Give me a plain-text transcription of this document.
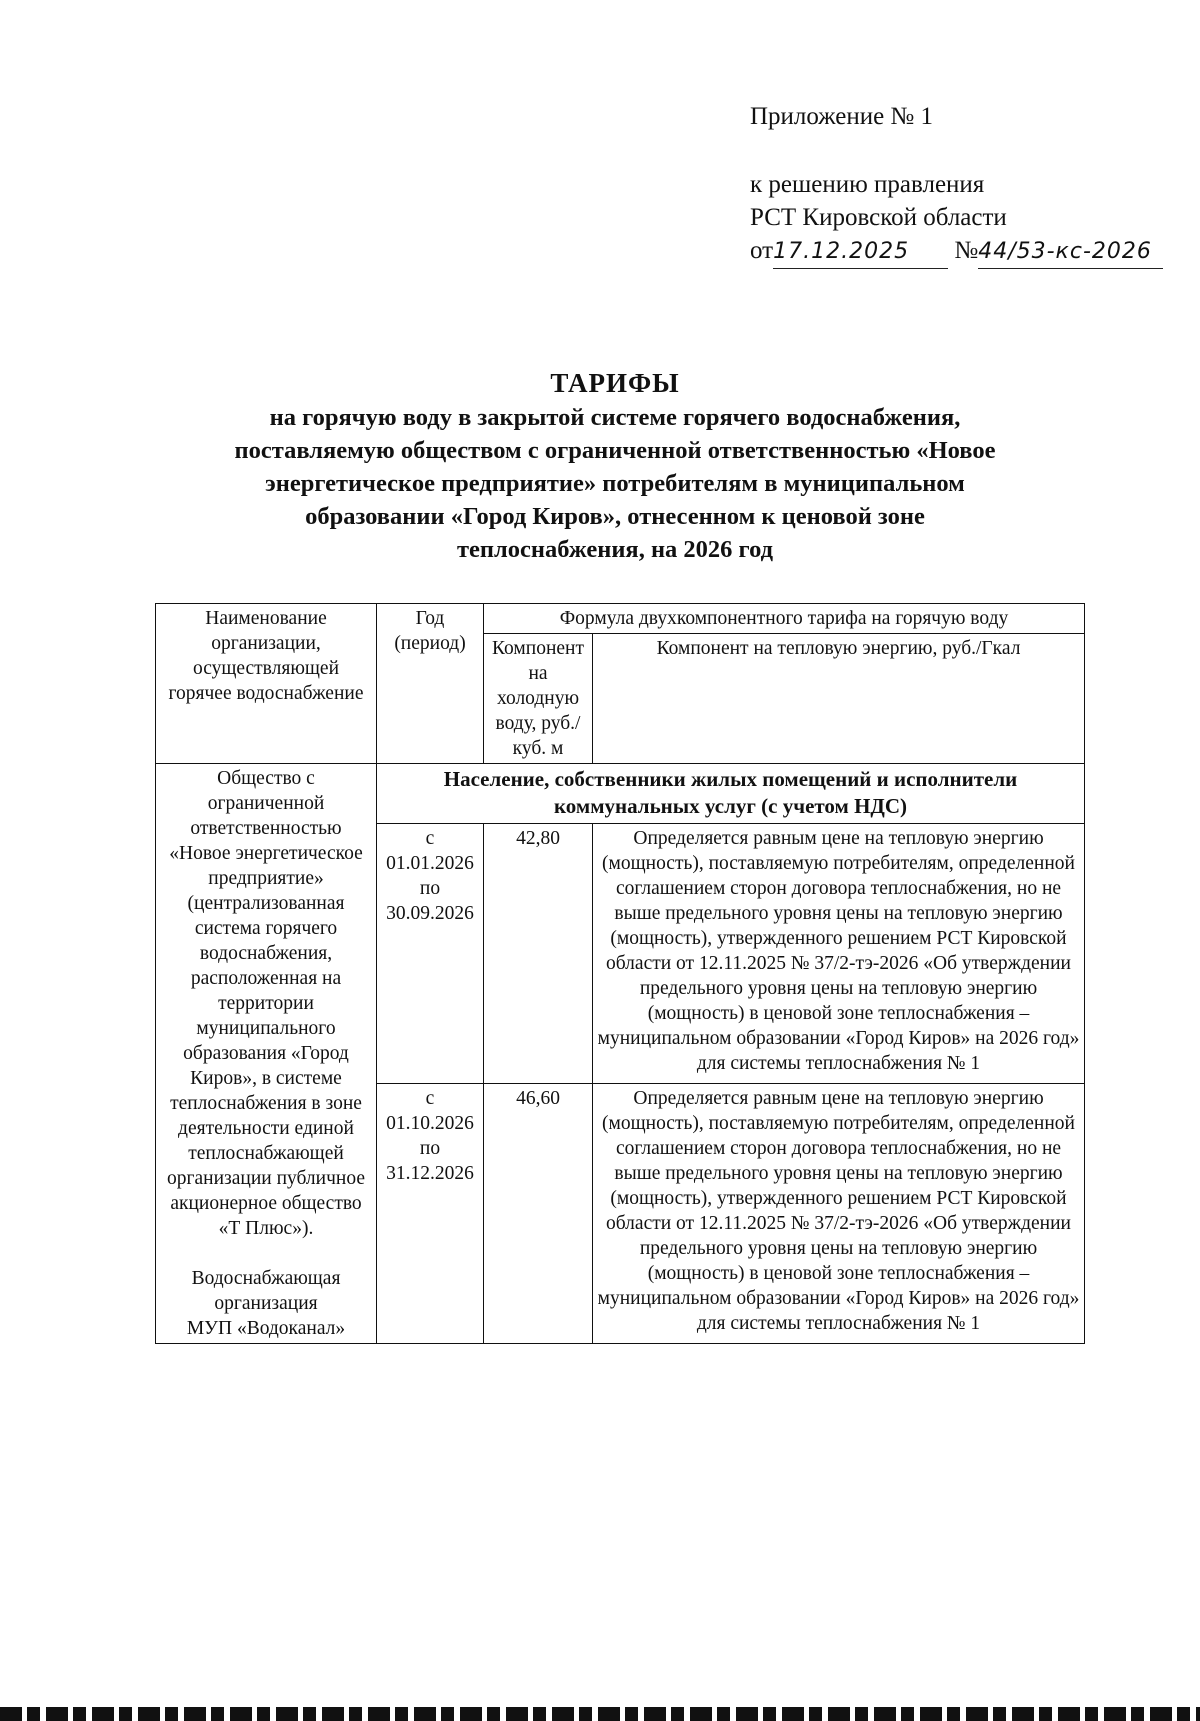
Приложение № 1
к решению правления
РСТ Кировской области
от17.12.2025 №44/53-кс-2026
ТАРИФЫ
на горячую воду в закрытой системе горячего водоснабжения,
поставляемую обществом с ограниченной ответственностью «Новое
энергетическое предприятие» потребителям в муниципальном
образовании «Город Киров», отнесенном к ценовой зоне
теплоснабжения, на 2026 год
Наименование организации, осуществляющей горячее водоснабжение	Год (период)	Формула двухкомпонентного тарифа на горячую воду	
		Компонент на холодную воду, руб./куб. м	Компонент на тепловую энергию, руб./Гкал

Общество с ограниченной ответственностью «Новое энергетическое предприятие» (централизованная система горячего водоснабжения, расположенная на территории муниципального образования «Город Киров», в системе теплоснабжения в зоне деятельности единой теплоснабжающей организации публичное акционерное общество «Т Плюс»).
Водоснабжающая организация
МУП «Водоканал»	Население, собственники жилых помещений и исполнители коммунальных услуг (с учетом НДС)		
	с 01.01.2026 по 30.09.2026	42,80	Определяется равным цене на тепловую энергию (мощность), поставляемую потребителям, определенной соглашением сторон договора теплоснабжения, но не выше предельного уровня цены на тепловую энергию (мощность), утвержденного решением РСТ Кировской области от 12.11.2025 № 37/2-тэ-2026 «Об утверждении предельного уровня цены на тепловую энергию (мощность) в ценовой зоне теплоснабжения – муниципальном образовании «Город Киров» на 2026 год» для системы теплоснабжения № 1
	с 01.10.2026 по 31.12.2026	46,60	Определяется равным цене на тепловую энергию (мощность), поставляемую потребителям, определенной соглашением сторон договора теплоснабжения, но не выше предельного уровня цены на тепловую энергию (мощность), утвержденного решением РСТ Кировской области от 12.11.2025 № 37/2-тэ-2026 «Об утверждении предельного уровня цены на тепловую энергию (мощность) в ценовой зоне теплоснабжения – муниципальном образовании «Город Киров» на 2026 год» для системы теплоснабжения № 1
